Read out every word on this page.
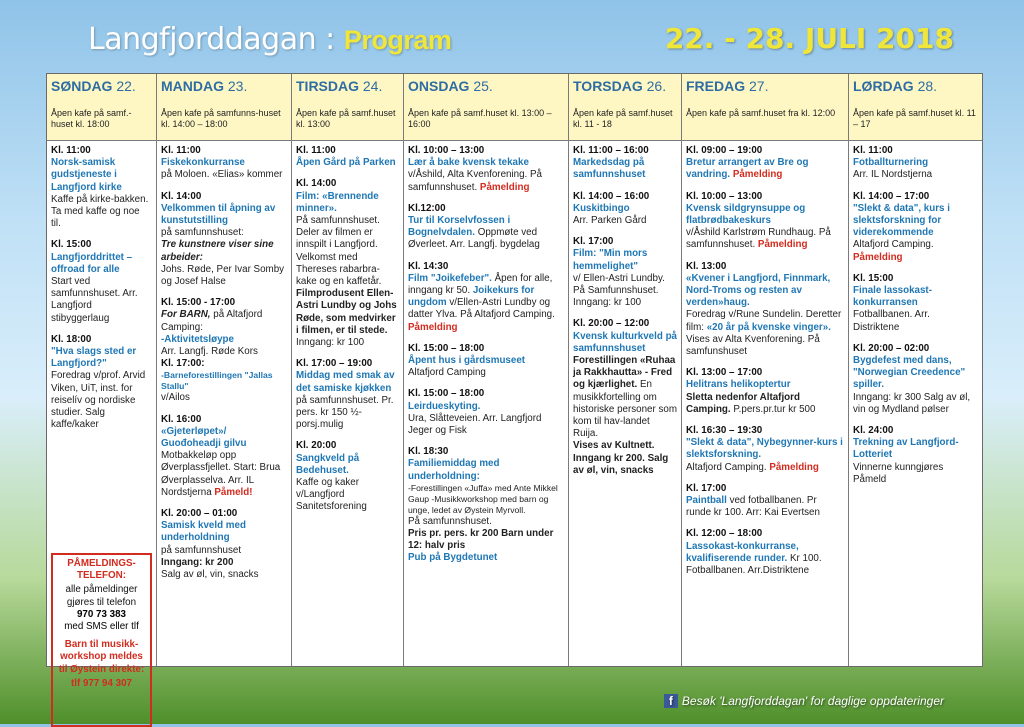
Langfjorddagan : Program	22. - 28. JULI 2018
SØNDAG 22.
Åpen kafe på samf.-huset kl. 18:00
Kl. 11:00
Norsk-samisk gudstjeneste i Langfjord kirke
Kaffe på kirke-bakken. Ta med kaffe og noe til.
Kl. 15:00
Langfjorddrittet – offroad for alle
Start ved samfunnshuset. Arr. Langfjord stibyggerlaug
Kl. 18:00
"Hva slags sted er Langfjord?"
Foredrag v/prof. Arvid Viken, UiT, inst. for reiselív og nordiske studier. Salg kaffe/kaker
PÅMELDINGS-TELEFON:
alle påmeldinger gjøres til telefon
970 73 383
med SMS eller tlf
Barn til musikk-workshop meldes til Øystein direkte:
tlf 977 94 307
MANDAG 23.
Åpen kafe på samfunns-huset kl. 14:00 – 18:00
Kl. 11:00
Fiskekonkurranse
på Moloen. «Elias» kommer
Kl. 14:00
Velkommen til åpning av kunstutstilling
på samfunnshuset:
Tre kunstnere viser sine arbeider:
Johs. Røde, Per Ivar Somby og Josef Halse
Kl. 15:00 - 17:00
For BARN, på Altafjord Camping:
-Aktivitetsløype
Arr. Langfj. Røde Kors
Kl. 17:00:
-Barneforestillingen "Jallas Stallu"
v/Ailos
Kl. 16:00
«Gjeterløpet»/ Guođoheadji gilvu
Motbakkeløp opp Øverplassfjellet. Start: Brua Øverplasselva. Arr. IL Nordstjerna Påmeld!
Kl. 20:00 – 01:00
Samisk kveld med underholdning
på samfunnshuset
Inngang: kr 200
Salg av øl, vin, snacks
TIRSDAG 24.
Åpen kafe på samf.huset kl. 13:00
Kl. 11:00
Åpen Gård på Parken
Kl. 14:00
Film: «Brennende minner».
På samfunnshuset. Deler av filmen er innspilt i Langfjord. Velkomst med Thereses rabarbra-kake og en kaffetår.
Filmprodusent Ellen-Astri Lundby og Johs Røde, som medvirker i filmen, er til stede.
Inngang: kr 100
Kl. 17:00 – 19:00
Middag med smak av det samiske kjøkken
på samfunnshuset. Pr. pers. kr 150 ½-porsj.mulig
Kl. 20:00
Sangkveld på Bedehuset.
Kaffe og kaker v/Langfjord Sanitetsforening
ONSDAG 25.
Åpen kafe på samf.huset kl. 13:00 – 16:00
Kl. 10:00 – 13:00
Lær å bake kvensk tekake
v/Åshild, Alta Kvenforening. På samfunnshuset. Påmelding
Kl.12:00
Tur til Korselvfossen i Bognelvdalen. Oppmøte ved Øverleet. Arr. Langfj. bygdelag
Kl. 14:30
Film "Joikefeber". Åpen for alle, inngang kr 50. Joikekurs for ungdom v/Ellen-Astri Lundby og datter Ylva. På Altafjord Camping. Påmelding
Kl. 15:00 – 18:00
Åpent hus i gårdsmuseet
Altafjord Camping
Kl. 15:00 – 18:00
Leirdueskyting.
Ura, Slåtteveien. Arr. Langfjord Jeger og Fisk
Kl. 18:30
Familiemiddag med underholdning:
-Forestillingen «Juffa» med Ante Mikkel Gaup -Musikkworkshop med barn og unge, ledet av Øystein Myrvoll.
På samfunnshuset.
Pris pr. pers. kr 200 Barn under 12: halv pris
Pub på Bygdetunet
TORSDAG 26.
Åpen kafe på samf.huset kl. 11 - 18
Kl. 11:00 – 16:00
Markedsdag på samfunnshuset
Kl. 14:00 – 16:00
Kuskitbingo
Arr. Parken Gård
Kl. 17:00
Film: "Min mors hemmelighet"
v/ Ellen-Astri Lundby. På Samfunnshuset. Inngang: kr 100
Kl. 20:00 – 12:00
Kvensk kulturkveld på samfunnshuset
Forestillingen «Ruhaa ja Rakkhautta» - Fred og kjærlighet. En musikkfortelling om historiske personer som kom til hav-landet Ruija.
Vises av Kultnett. Inngang kr 200. Salg av øl, vin, snacks
FREDAG 27.
Åpen kafe på samf.huset fra kl. 12:00
Kl. 09:00 – 19:00
Bretur arrangert av Bre og vandring. Påmelding
Kl. 10:00 – 13:00
Kvensk sildgrynsuppe og flatbrødbakeskurs
v/Åshild Karlstrøm Rundhaug. På samfunnshuset. Påmelding
Kl. 13:00
«Kvener i Langfjord, Finnmark, Nord-Troms og resten av verden»haug.
Foredrag v/Rune Sundelin. Deretter film: «20 år på kvenske vinger». Vises av Alta Kvenforening. På samfunshuset
Kl. 13:00 – 17:00
Helitrans helikoptertur
Sletta nedenfor Altafjord Camping. P.pers.pr.tur kr 500
Kl. 16:30 – 19:30
"Slekt & data", Nybegynner-kurs i slektsforskning.
Altafjord Camping. Påmelding
Kl. 17:00
Paintball ved fotballbanen. Pr runde kr 100. Arr: Kai Evertsen
Kl. 12:00 – 18:00
Lassokast-konkurranse, kvalifiserende runder. Kr 100. Fotballbanen. Arr.Distriktene
LØRDAG 28.
Åpen kafe på samf.huset kl. 11 – 17
Kl. 11:00
Fotballturnering
Arr. IL Nordstjerna
Kl. 14:00 – 17:00
"Slekt & data", kurs i slektsforskning for viderekommende
Altafjord Camping.
Påmelding
Kl. 15:00
Finale lassokast-konkurransen
Fotballbanen. Arr. Distriktene
Kl. 20:00 – 02:00
Bygdefest med dans, "Norwegian Creedence" spiller.
Inngang: kr 300 Salg av øl, vin og Mydland pølser
Kl. 24:00
Trekning av Langfjord-Lotteriet
Vinnerne kunngjøres Påmeld
f Besøk 'Langfjorddagan' for daglige oppdateringer
